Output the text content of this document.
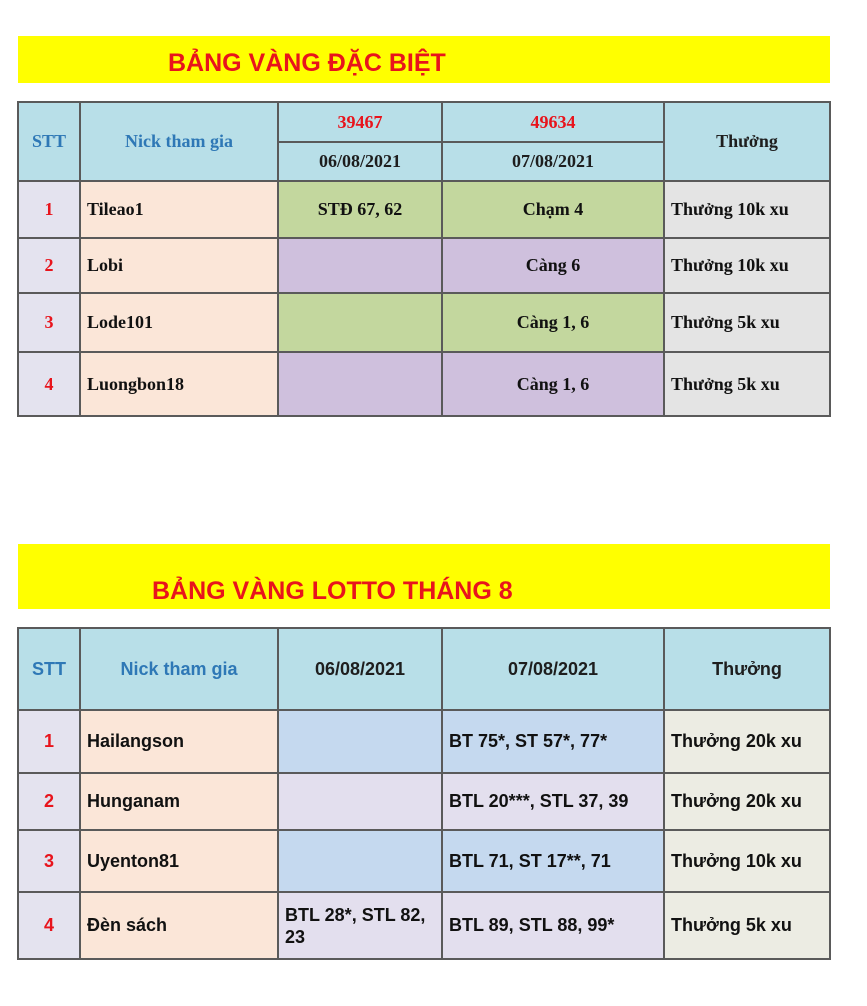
BẢNG VÀNG ĐẶC BIỆT
STT	Nick tham gia	39467	49634	Thưởng
		06/08/2021	07/08/2021	
1	Tileao1	STĐ 67, 62	Chạm 4	Thưởng 10k xu
2	Lobi		Càng 6	Thưởng 10k xu
3	Lode101		Càng 1, 6	Thưởng 5k xu
4	Luongbon18		Càng 1, 6	Thưởng 5k xu
BẢNG VÀNG LOTTO THÁNG 8
STT	Nick tham gia	06/08/2021	07/08/2021	Thưởng
1	Hailangson		BT 75*, ST 57*, 77*	Thưởng 20k xu
2	Hunganam		BTL 20***, STL 37, 39	Thưởng 20k xu
3	Uyenton81		BTL 71, ST 17**, 71	Thưởng 10k xu
4	Đèn sách	BTL 28*, STL 82, 23	BTL 89, STL 88, 99*	Thưởng 5k xu
